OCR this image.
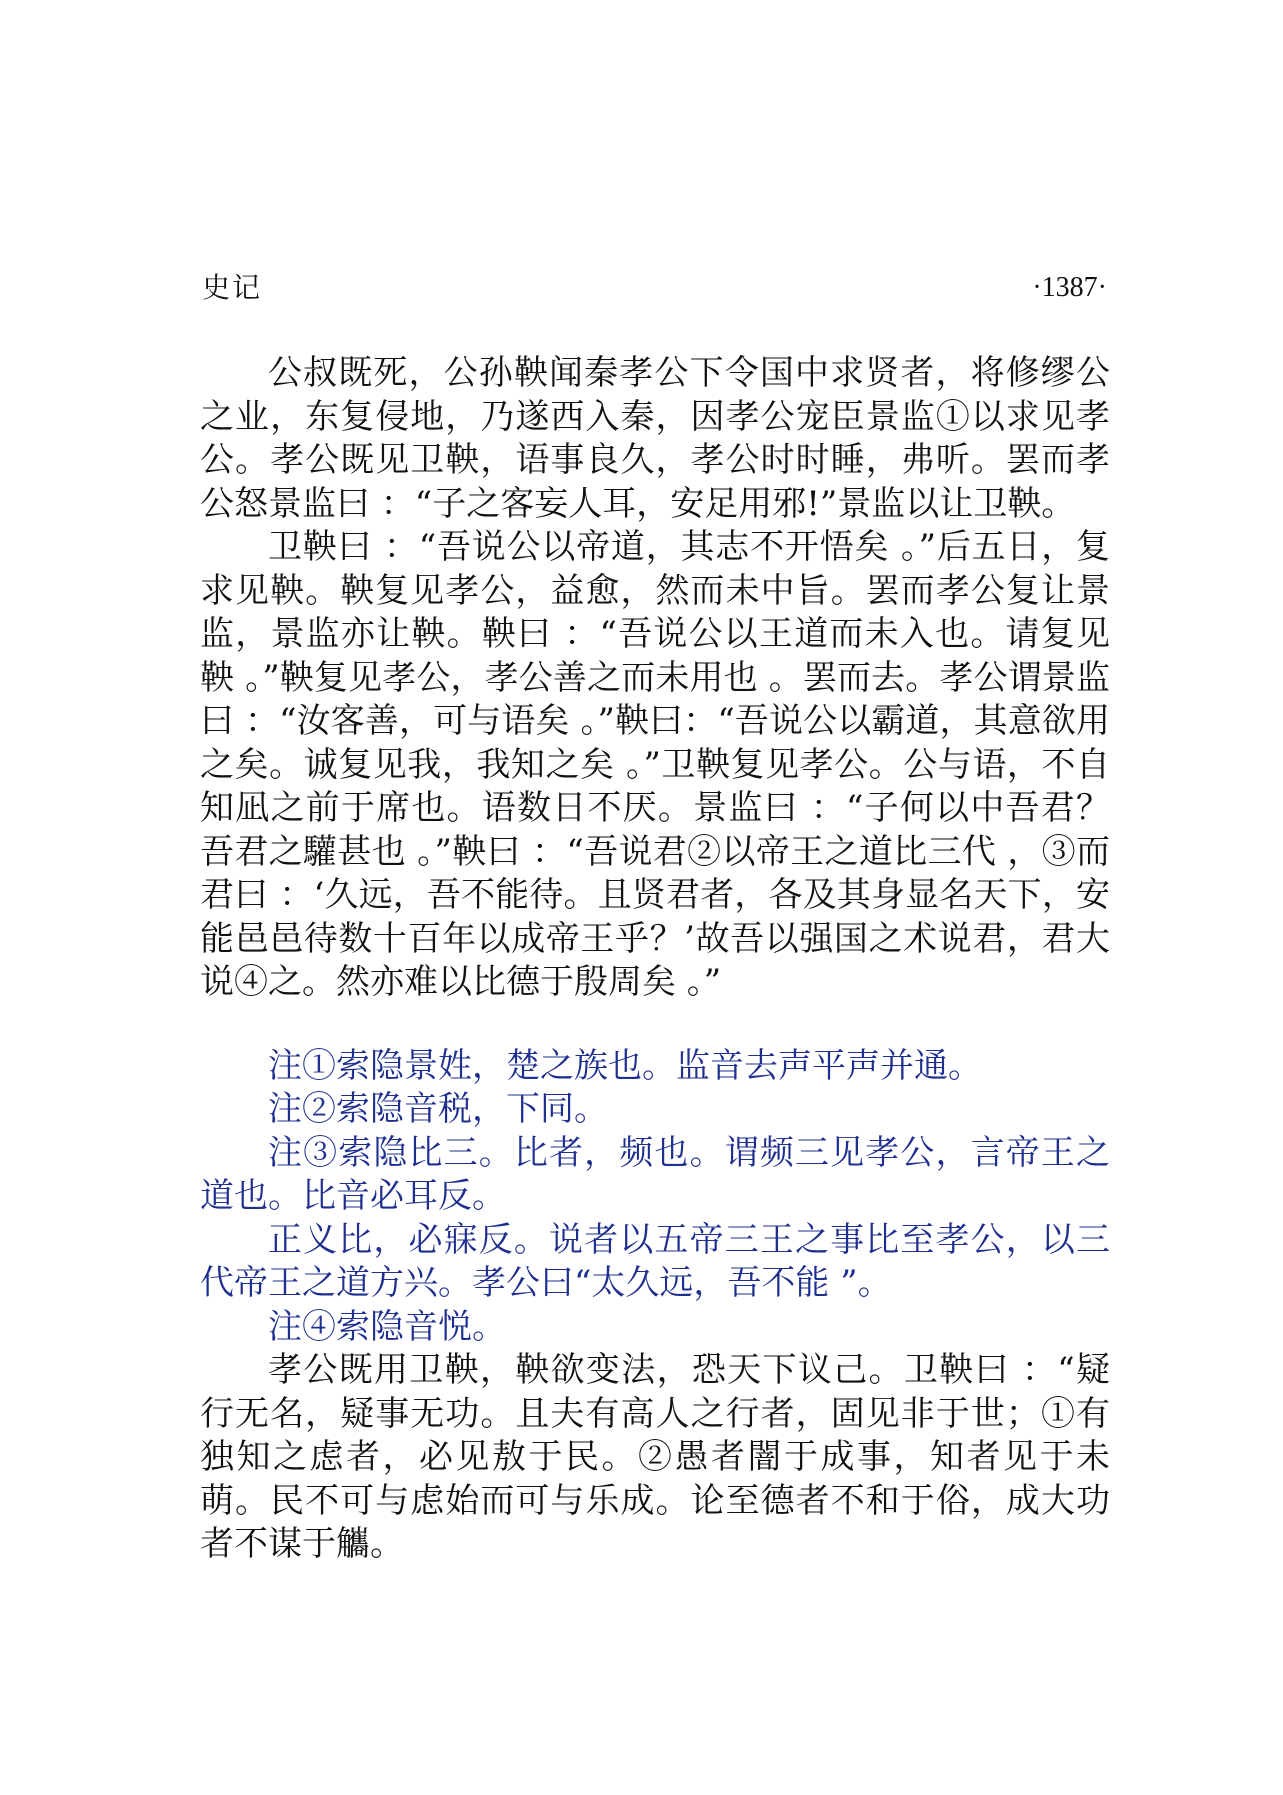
史记	·1387·

公叔既死，公孙鞅闻秦孝公下令国中求贤者，将修缪公之业，东复侵地，乃遂西入秦，因孝公宠臣景监①以求见孝公。孝公既见卫鞅，语事良久，孝公时时睡，弗听。罢而孝公怒景监曰 ：“子之客妄人耳，安足用邪!”景监以让卫鞅。

卫鞅曰 ：“吾说公以帝道，其志不开悟矣 。”后五日，复求见鞅。鞅复见孝公，益愈，然而未中旨。罢而孝公复让景监，景监亦让鞅。鞅曰 ：“吾说公以王道而未入也。请复见鞅 。”鞅复见孝公，孝公善之而未用也 。罢而去。孝公谓景监曰 ：“汝客善，可与语矣 。”鞅曰：“吾说公以霸道，其意欲用之矣。诚复见我，我知之矣 。”卫鞅复见孝公。公与语，不自知凪之前于席也。语数日不厌。景监曰 ：“子何以中吾君？吾君之驩甚也 。”鞅曰 ：“吾说君②以帝王之道比三代 ，③而君曰 ：‘久远，吾不能待。且贤君者，各及其身显名天下，安能邑邑待数十百年以成帝王乎？’故吾以强国之术说君，君大说④之。然亦难以比德于殷周矣 。”

注①索隐景姓，楚之族也。监音去声平声并通。

注②索隐音税，下同。

注③索隐比三。比者，频也。谓频三见孝公，言帝王之道也。比音必耳反。

正义比，必寐反。说者以五帝三王之事比至孝公，以三代帝王之道方兴。孝公曰“太久远，吾不能 ”。

注④索隐音悦。

孝公既用卫鞅，鞅欲变法，恐天下议己。卫鞅曰 ：“疑行无名，疑事无功。且夫有高人之行者，固见非于世；①有独知之虑者，必见敖于民。②愚者闇于成事，知者见于未萌。民不可与虑始而可与乐成。论至德者不和于俗，成大功者不谋于觿。
